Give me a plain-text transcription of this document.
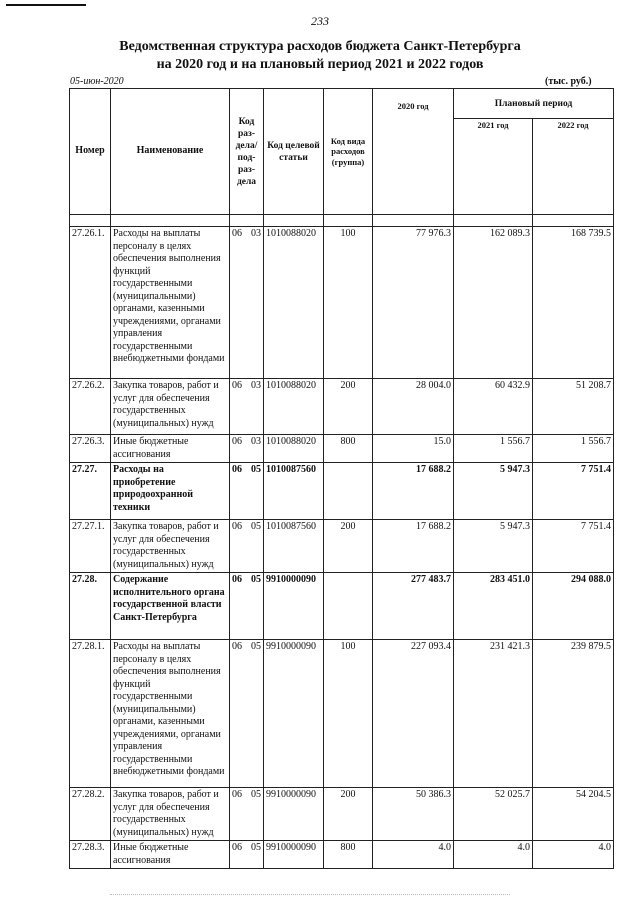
233
Ведомственная структура расходов бюджета Санкт-Петербурга
на 2020 год и на плановый период 2021 и 2022 годов
05-июн-2020	(тыс. руб.)
Номер	Наименование	Код раз-дела/ под-раз-дела		Код целевой статьи	Код вида расходов (группа)	2020 год	Плановый период	
							2021 год	2022 год

27.26.1.	Расходы на выплаты персоналу в целях обеспечения выполнения функций государственными (муниципальными) органами, казенными учреждениями, органами управления государственными внебюджетными фондами	06	03	1010088020	100	77 976.3	162 089.3	168 739.5
27.26.2.	Закупка товаров, работ и услуг для обеспечения государственных (муниципальных) нужд	06	03	1010088020	200	28 004.0	60 432.9	51 208.7
27.26.3.	Иные бюджетные ассигнования	06	03	1010088020	800	15.0	1 556.7	1 556.7
27.27.	Расходы на приобретение природоохранной техники	06	05	1010087560		17 688.2	5 947.3	7 751.4
27.27.1.	Закупка товаров, работ и услуг для обеспечения государственных (муниципальных) нужд	06	05	1010087560	200	17 688.2	5 947.3	7 751.4
27.28.	Содержание исполнительного органа государственной власти Санкт-Петербурга	06	05	9910000090		277 483.7	283 451.0	294 088.0
27.28.1.	Расходы на выплаты персоналу в целях обеспечения выполнения функций государственными (муниципальными) органами, казенными учреждениями, органами управления государственными внебюджетными фондами	06	05	9910000090	100	227 093.4	231 421.3	239 879.5
27.28.2.	Закупка товаров, работ и услуг для обеспечения государственных (муниципальных) нужд	06	05	9910000090	200	50 386.3	52 025.7	54 204.5
27.28.3.	Иные бюджетные ассигнования	06	05	9910000090	800	4.0	4.0	4.0
